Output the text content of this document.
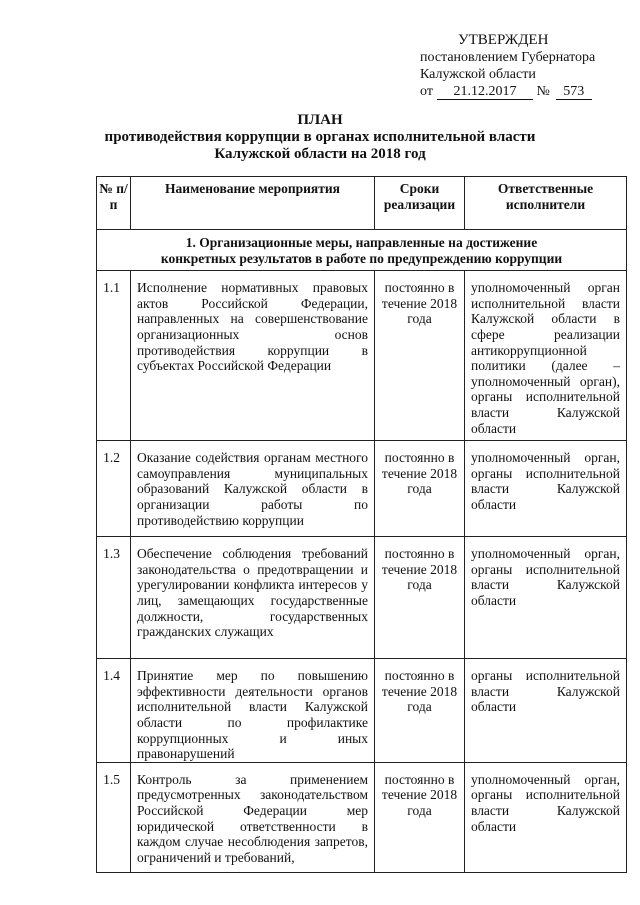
УТВЕРЖДЕН
постановлением Губернатора
Калужской области
от 21.12.2017 № 573
ПЛАН
противодействия коррупции в органах исполнительной власти
Калужской области на 2018 год
№ п/п	Наименование мероприятия	Сроки реализации	Ответственные исполнители

1. Организационные меры, направленные на достижение
конкретных результатов в работе по предупреждению коррупции			

1.1	Исполнение нормативных правовых актов Российской Федерации, направленных на совершенствование организационных основ противодействия коррупции в субъектах Российской Федерации	постоянно в течение 2018 года	уполномоченный орган исполнительной власти Калужской области в сфере реализации антикоррупционной политики (далее – уполномоченный орган), органы исполнительной власти Калужской области
1.2	Оказание содействия органам местного самоуправления муниципальных образований Калужской области в организации работы по противодействию коррупции	постоянно в течение 2018 года	уполномоченный орган, органы исполнительной власти Калужской области
1.3	Обеспечение соблюдения требований законодательства о предотвращении и урегулировании конфликта интересов у лиц, замещающих государственные должности, государственных гражданских служащих	постоянно в течение 2018 года	уполномоченный орган, органы исполнительной власти Калужской области
1.4	Принятие мер по повышению эффективности деятельности органов исполнительной власти Калужской области по профилактике коррупционных и иных правонарушений	постоянно в течение 2018 года	органы исполнительной власти Калужской области
1.5	Контроль за применением предусмотренных законодательством Российской Федерации мер юридической ответственности в каждом случае несоблюдения запретов, ограничений и требований,	постоянно в течение 2018 года	уполномоченный орган, органы исполнительной власти Калужской области
